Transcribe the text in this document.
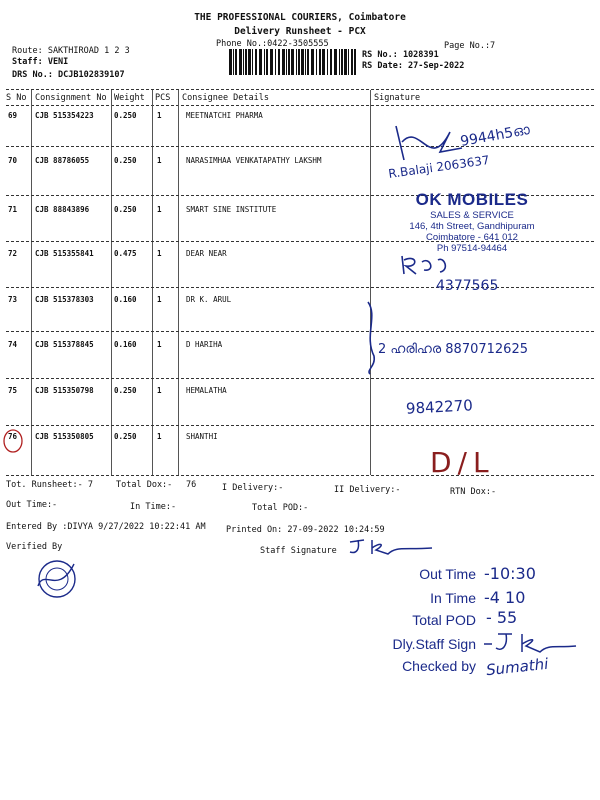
THE PROFESSIONAL COURIERS, Coimbatore
Delivery Runsheet - PCX
Phone No.:0422-3505555	Page No.:7
Route: SAKTHIROAD 1 2 3
Staff: VENI
DRS No.: DCJB102839107
RS No.: 1028391
RS Date: 27-Sep-2022
S No Consignment No Weight PCS Consignee Details	Signature
69 CJB 515354223	0.250	1	MEETNATCHI PHARMA
70 CJB 88786055	0.250	1	NARASIMHAA VENKATAPATHY LAKSHM
71 CJB 88843896	0.250	1	SMART SINE INSTITUTE
72 CJB 515355841	0.475	1	DEAR NEAR
73 CJB 515378303	0.160	1	DR K. ARUL
74 CJB 515378845	0.160	1	D HARIHA
75 CJB 515350798	0.250	1	HEMALATHA
76 CJB 515350805	0.250	1	SHANTHI
9944h5ഓ
R.Balaji 2063637
4377565
2 ഹരിഹര 8870712625
9842270
D/L
OK MOBILES
SALES & SERVICE
146, 4th Street, Gandhipuram
Coimbatore - 641 012
Ph 97514-94464
Tot. Runsheet:- 7	Total Dox:- 76	I Delivery:-	II Delivery:-	RTN Dox:-
Out Time:-	In Time:-	Total POD:-
Entered By :DIVYA 9/27/2022 10:22:41 AM Printed On: 27-09-2022 10:24:59
Verified By	Staff Signature
Out Time -10:30
In Time -4 10
Total POD - 55
Dly.Staff Sign
Checked by Sumathi
